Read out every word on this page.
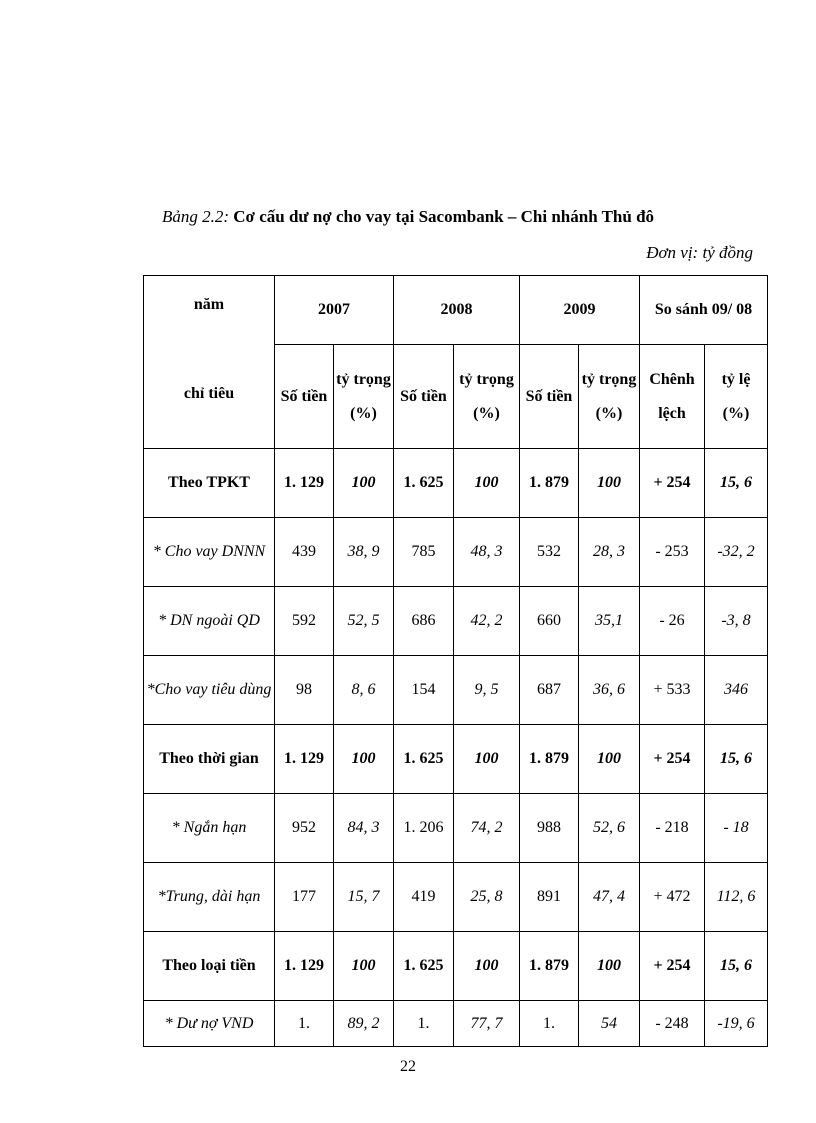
Bảng 2.2: Cơ cấu dư nợ cho vay tại Sacombank – Chi nhánh Thủ đô
Đơn vị: tỷ đồng
năm
chỉ tiêu	2007		2008		2009		So sánh 09/ 08	
	Số tiền	tỷ trọng (%)	Số tiền	tỷ trọng (%)	Số tiền	tỷ trọng (%)	Chênh lệch	tỷ lệ (%)
Theo TPKT	1. 129	100	1. 625	100	1. 879	100	+ 254	15, 6
* Cho vay DNNN	439	38, 9	785	48, 3	532	28, 3	- 253	-32, 2
* DN ngoài QD	592	52, 5	686	42, 2	660	35,1	- 26	-3, 8
*Cho vay tiêu dùng	98	8, 6	154	9, 5	687	36, 6	+ 533	346
Theo thời gian	1. 129	100	1. 625	100	1. 879	100	+ 254	15, 6
* Ngắn hạn	952	84, 3	1. 206	74, 2	988	52, 6	- 218	- 18
*Trung, dài hạn	177	15, 7	419	25, 8	891	47, 4	+ 472	112, 6
Theo loại tiền	1. 129	100	1. 625	100	1. 879	100	+ 254	15, 6
* Dư nợ VND	1.	89, 2	1.	77, 7	1.	54	- 248	-19, 6
22
